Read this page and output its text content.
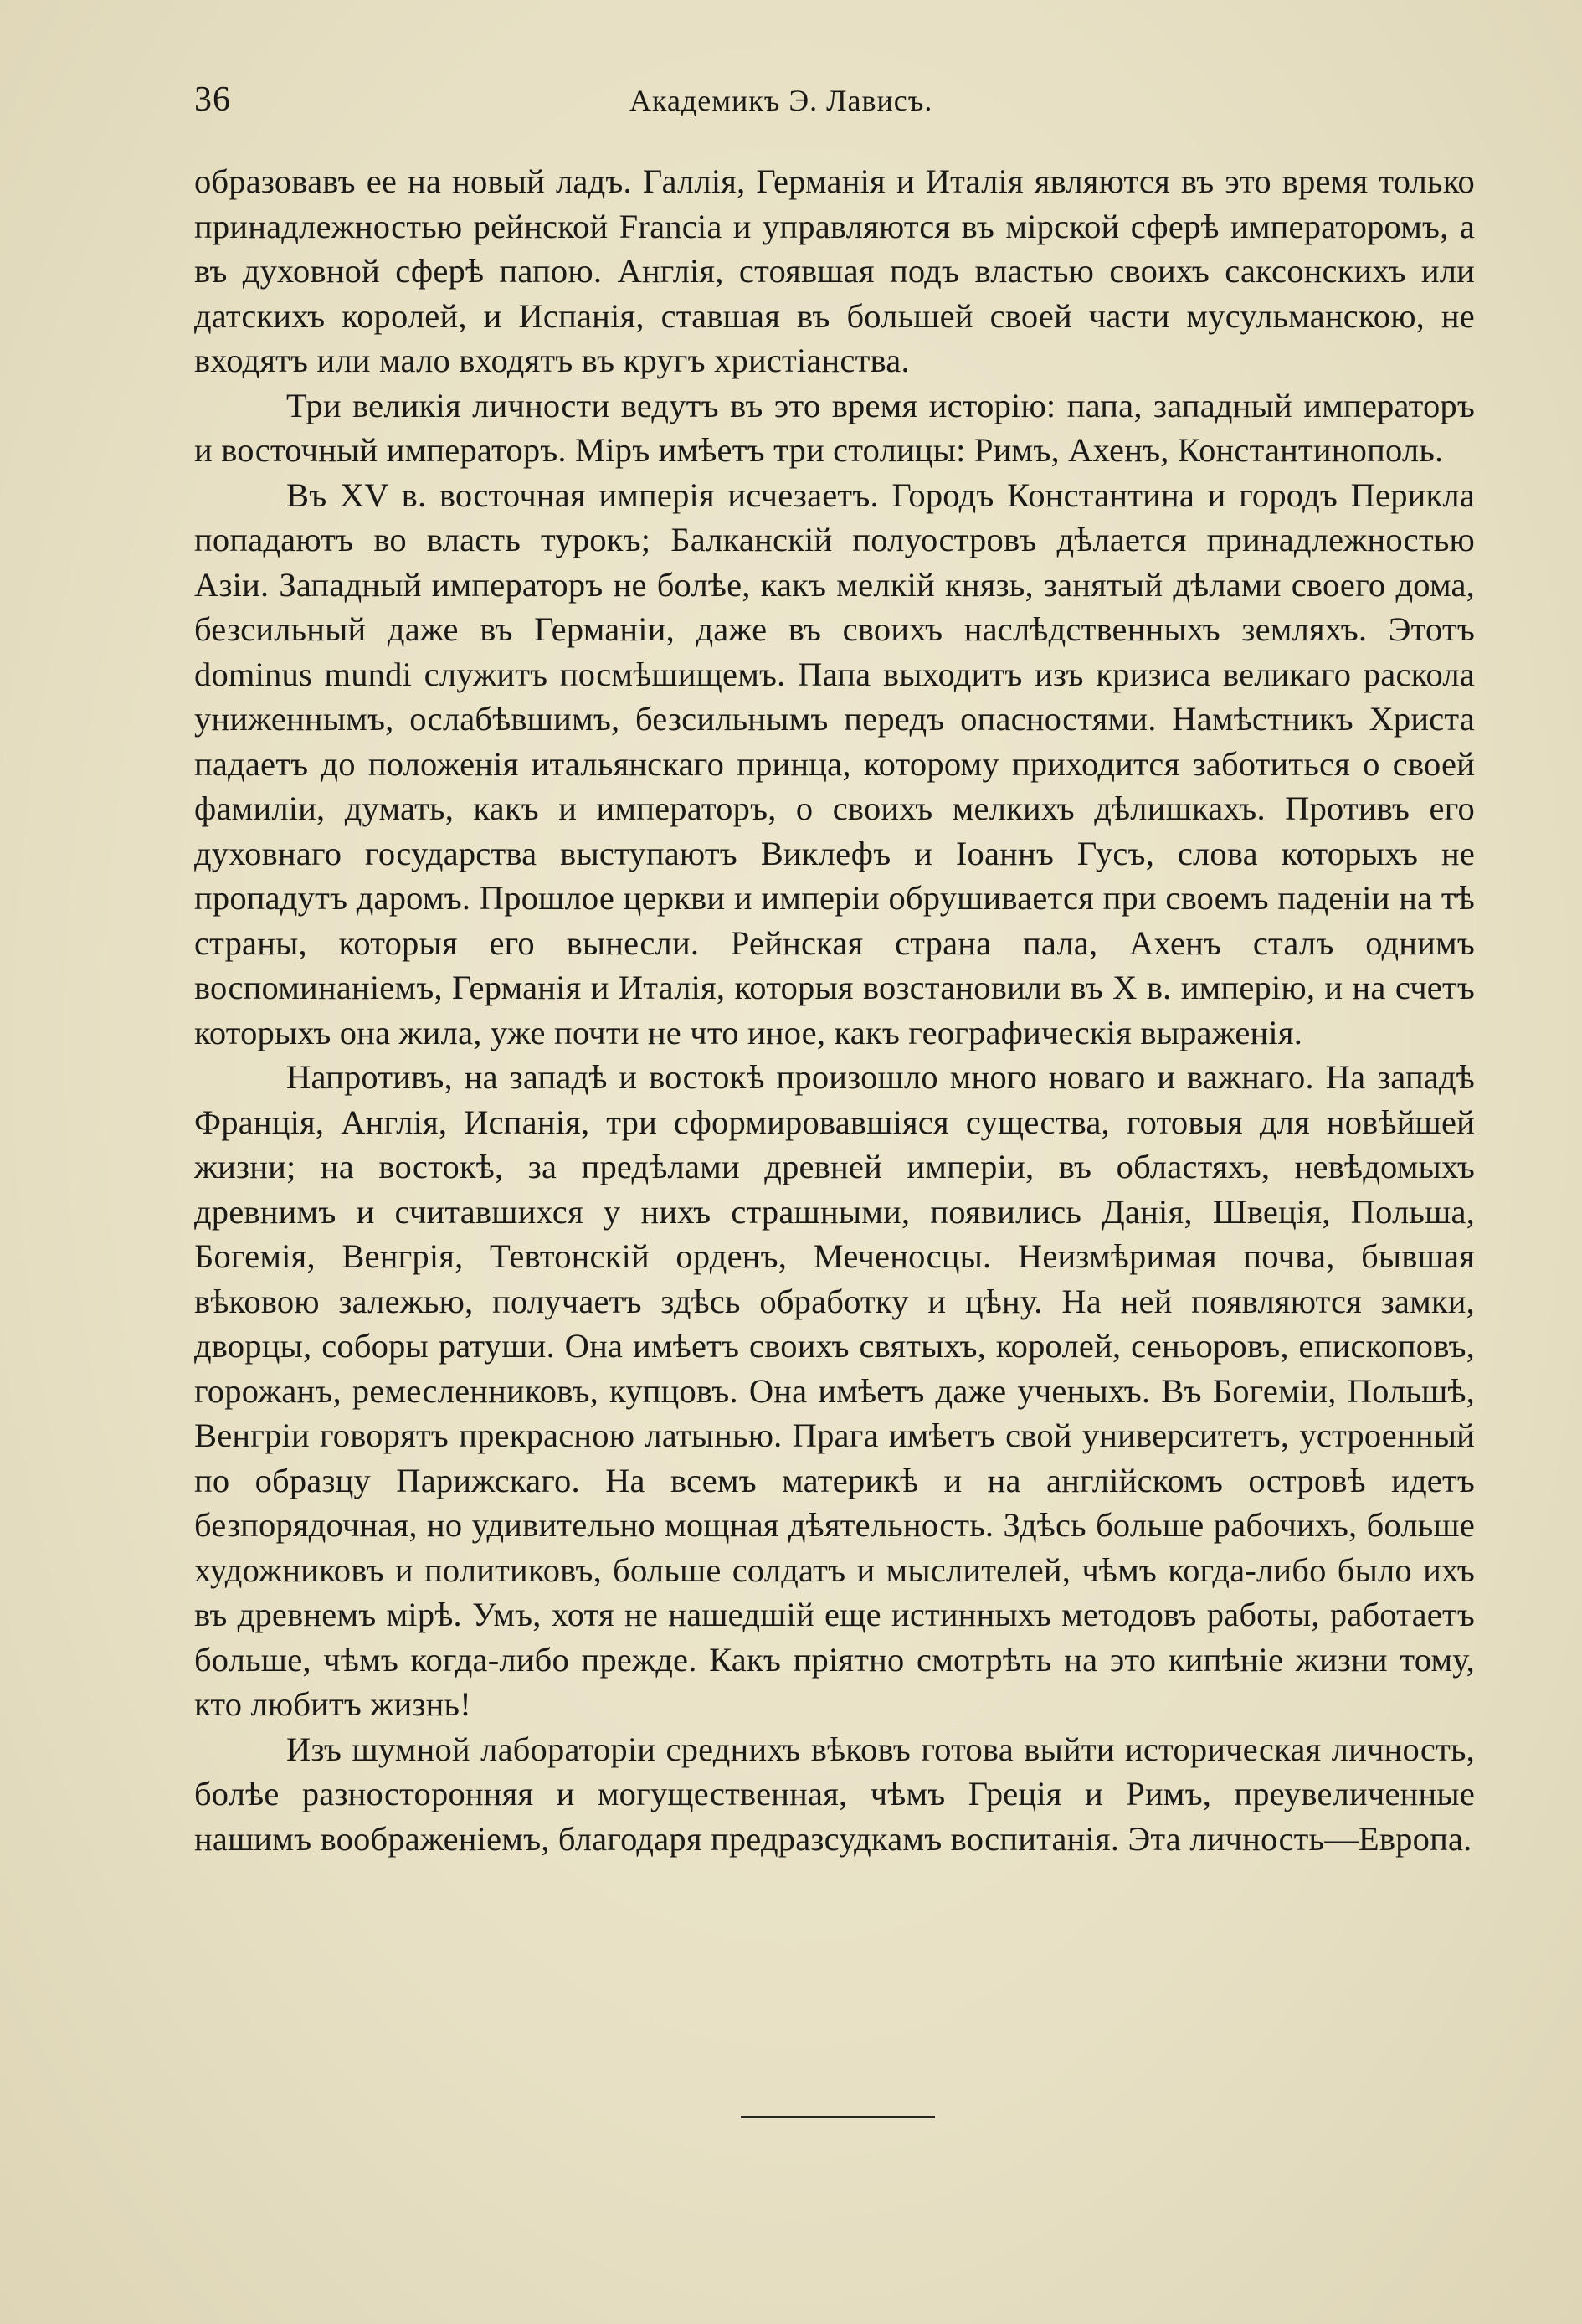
36	Академикъ Э. Лависъ.

образовавъ ее на новый ладъ. Галлія, Германія и Италія являются въ это время только принадлежностью рейнской Francia и управляются въ мірской сферѣ императоромъ, а въ духовной сферѣ папою. Англія, стоявшая подъ властью своихъ саксонскихъ или датскихъ королей, и Испанія, ставшая въ большей своей части мусульманскою, не входятъ или мало входятъ въ кругъ христіанства.

Три великія личности ведутъ въ это время исторію: папа, западный императоръ и восточный императоръ. Міръ имѣетъ три столицы: Римъ, Ахенъ, Константинополь.

Въ XV в. восточная имперія исчезаетъ. Городъ Константина и городъ Перикла попадаютъ во власть турокъ; Балканскій полуостровъ дѣлается принадлежностью Азіи. Западный императоръ не болѣе, какъ мелкій князь, занятый дѣлами своего дома, безсильный даже въ Германіи, даже въ своихъ наслѣдственныхъ земляхъ. Этотъ dominus mundi служитъ посмѣшищемъ. Папа выходитъ изъ кризиса великаго раскола униженнымъ, ослабѣвшимъ, безсильнымъ передъ опасностями. Намѣстникъ Христа падаетъ до положенія итальянскаго принца, которому приходится заботиться о своей фамиліи, думать, какъ и императоръ, о своихъ мелкихъ дѣлишкахъ. Противъ его духовнаго государства выступаютъ Виклефъ и Іоаннъ Гусъ, слова которыхъ не пропадутъ даромъ. Прошлое церкви и имперіи обрушивается при своемъ паденіи на тѣ страны, которыя его вынесли. Рейнская страна пала, Ахенъ сталъ однимъ воспоминаніемъ, Германія и Италія, которыя возстановили въ X в. имперію, и на счетъ которыхъ она жила, уже почти не что иное, какъ географическія выраженія.

Напротивъ, на западѣ и востокѣ произошло много новаго и важнаго. На западѣ Франція, Англія, Испанія, три сформировавшіяся существа, готовыя для новѣйшей жизни; на востокѣ, за предѣлами древней имперіи, въ областяхъ, невѣдомыхъ древнимъ и считавшихся у нихъ страшными, появились Данія, Швеція, Польша, Богемія, Венгрія, Тевтонскій орденъ, Меченосцы. Неизмѣримая почва, бывшая вѣковою залежью, получаетъ здѣсь обработку и цѣну. На ней появляются замки, дворцы, соборы ратуши. Она имѣетъ своихъ святыхъ, королей, сеньоровъ, епископовъ, горожанъ, ремесленниковъ, купцовъ. Она имѣетъ даже ученыхъ. Въ Богеміи, Польшѣ, Венгріи говорятъ прекрасною латынью. Прага имѣетъ свой университетъ, устроенный по образцу Парижскаго. На всемъ материкѣ и на англійскомъ островѣ идетъ безпорядочная, но удивительно мощная дѣятельность. Здѣсь больше рабочихъ, больше художниковъ и политиковъ, больше солдатъ и мыслителей, чѣмъ когда-либо было ихъ въ древнемъ мірѣ. Умъ, хотя не нашедшій еще истинныхъ методовъ работы, работаетъ больше, чѣмъ когда-либо прежде. Какъ пріятно смотрѣть на это кипѣніе жизни тому, кто любитъ жизнь!

Изъ шумной лабораторіи среднихъ вѣковъ готова выйти историческая личность, болѣе разносторонняя и могущественная, чѣмъ Греція и Римъ, преувеличенные нашимъ воображеніемъ, благодаря предразсудкамъ воспитанія. Эта личность—Европа.
